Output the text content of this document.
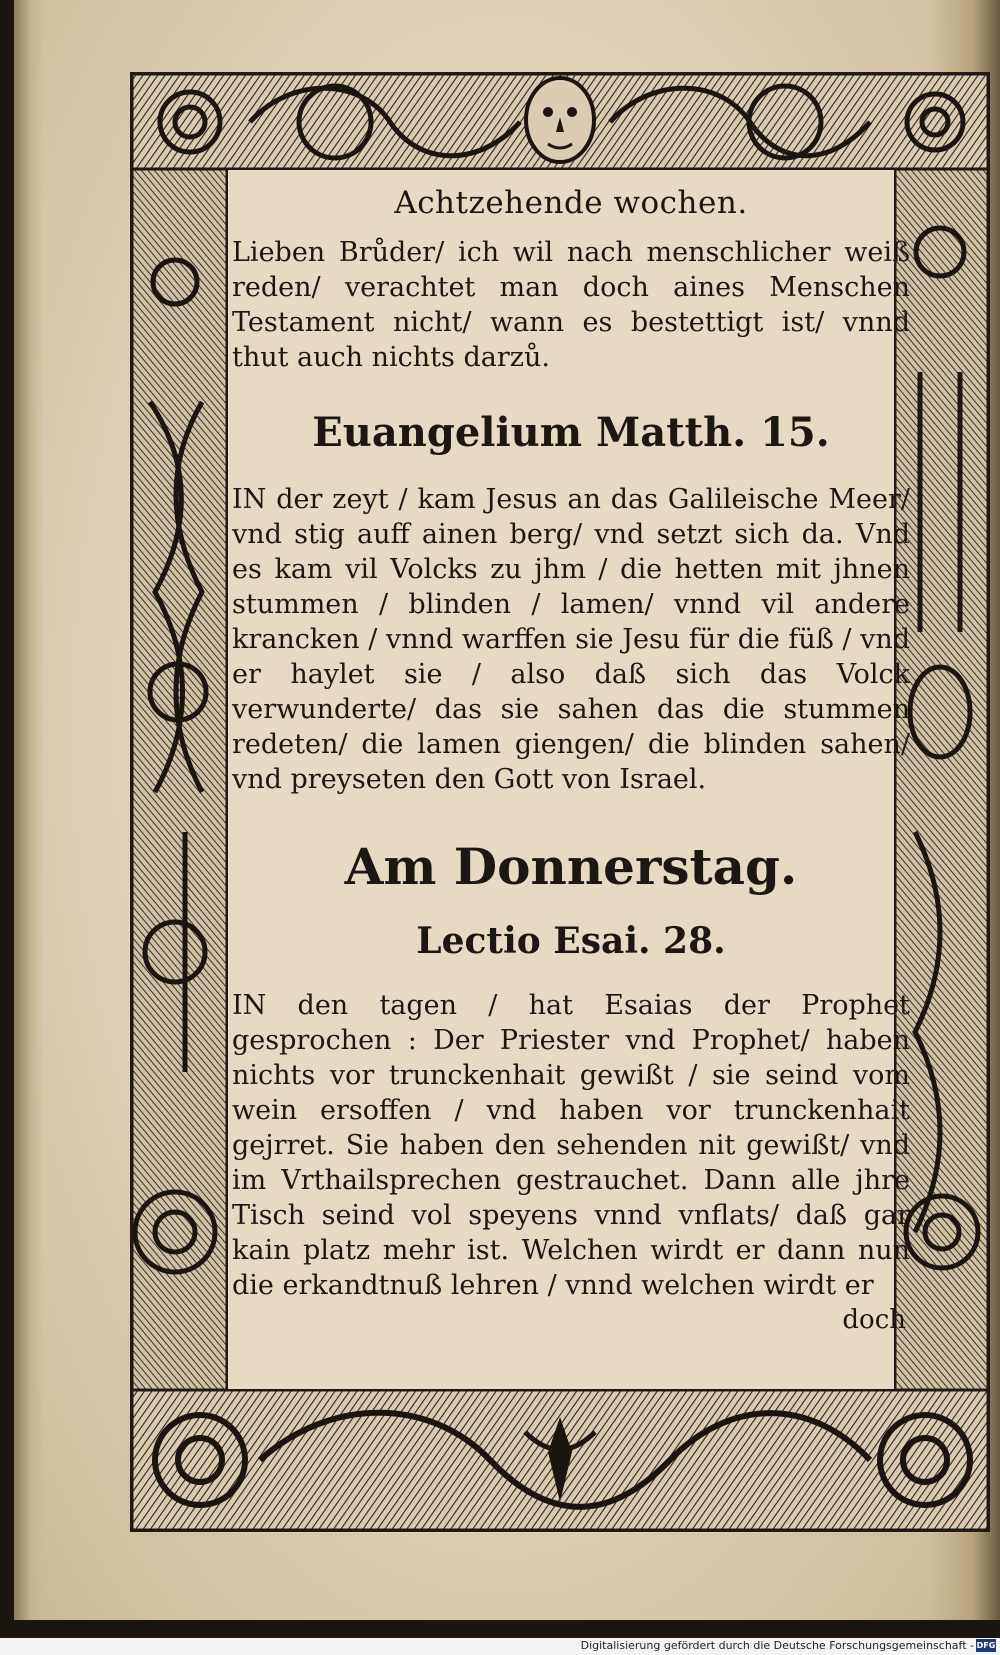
Achtzehende wochen.

Lieben Brůder/ ich wil nach menschlicher weiß reden/ verachtet man doch aines Menschen Testament nicht/ wann es bestettigt ist/ vnnd thut auch nichts darzů.

Euangelium Matth. 15.

IN der zeyt / kam Jesus an das Galileische Meer/ vnd stig auff ainen berg/ vnd setzt sich da. Vnd es kam vil Volcks zu jhm / die hetten mit jhnen stummen / blinden / lamen/ vnnd vil andere krancken / vnnd warffen sie Jesu für die füß / vnd er haylet sie / also daß sich das Volck verwunderte/ das sie sahen das die stummen redeten/ die lamen giengen/ die blinden sahen/ vnd preyseten den Gott von Israel.

Am Donnerstag.
Lectio Esai. 28.

IN den tagen / hat Esaias der Prophet gesprochen : Der Priester vnd Prophet/ haben nichts vor trunckenhait gewißt / sie seind vom wein ersoffen / vnd haben vor trunckenhait gejrret. Sie haben den sehenden nit gewißt/ vnd im Vrthailsprechen gestrauchet. Dann alle jhre Tisch seind vol speyens vnnd vnflats/ daß gar kain platz mehr ist. Welchen wirdt er dann nun die erkandtnuß lehren / vnnd welchen wirdt er

doch
Digitalisierung gefördert durch die Deutsche Forschungsgemeinschaft - DFG
